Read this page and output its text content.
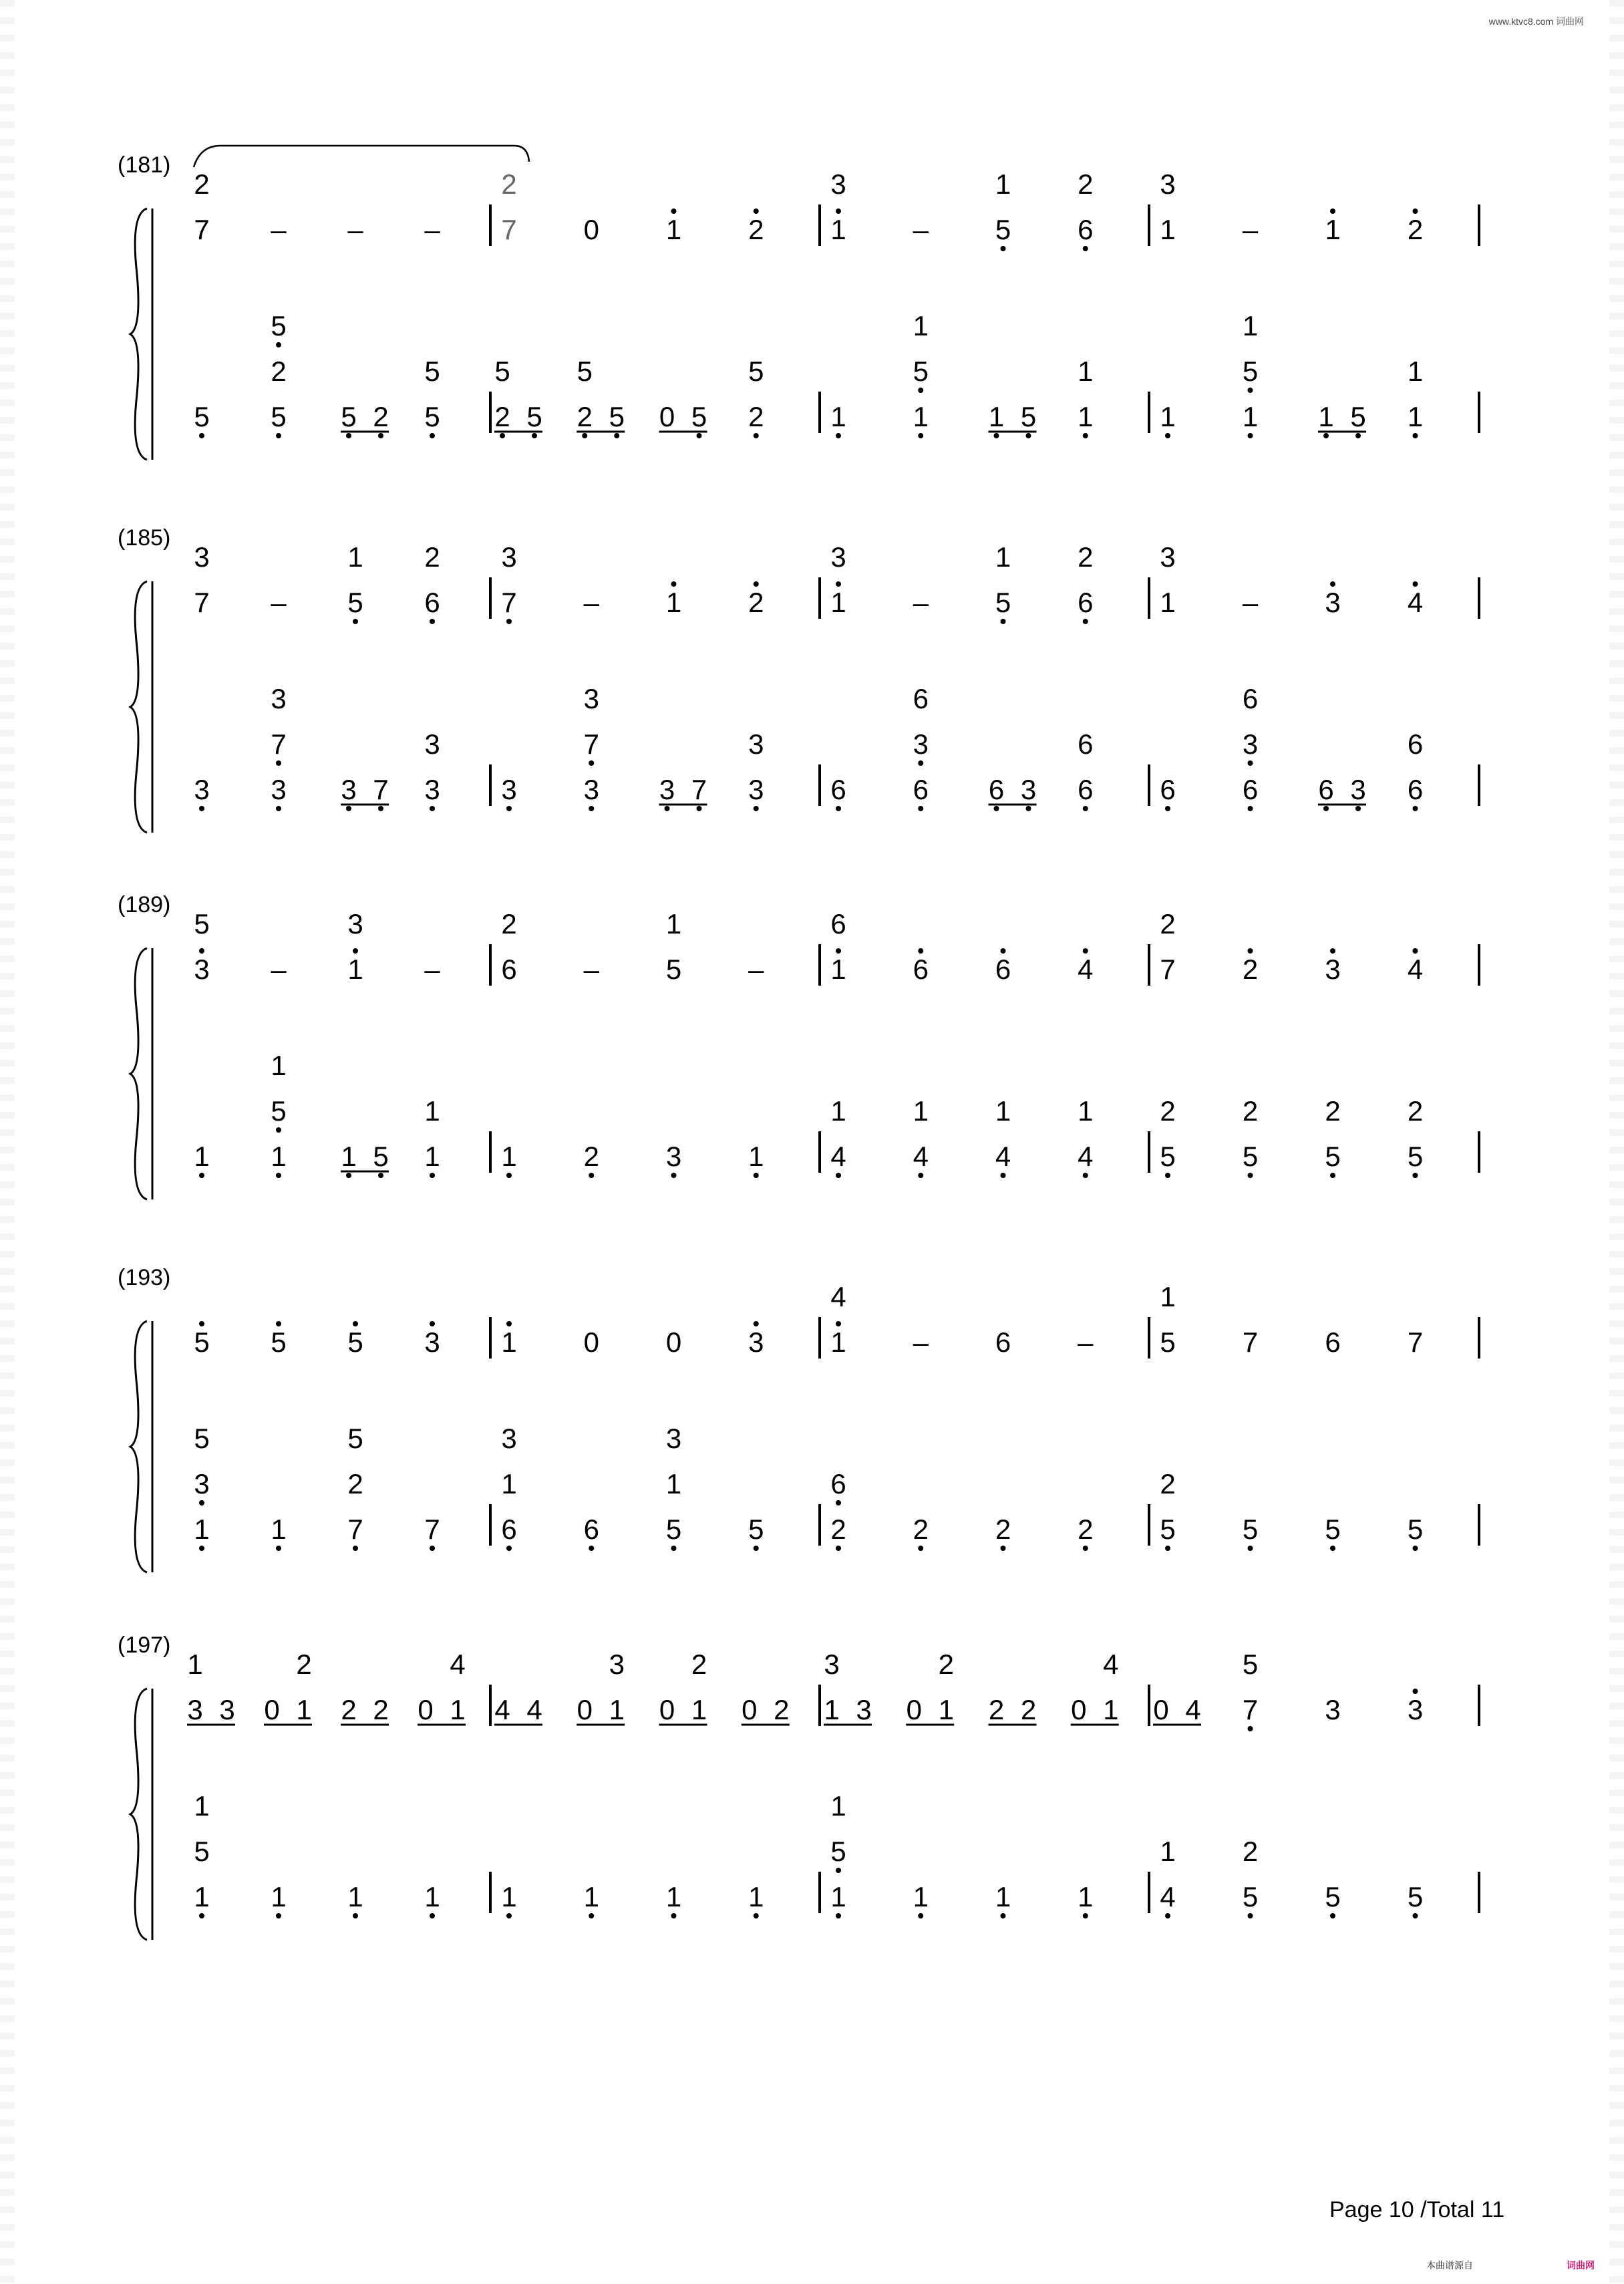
www.ktvc8.com 词曲网
(181)
7
2
– – –
5 5
2
5
5 2 5
5
7
2
0 1 2
2
5
5 2
5
5 0 5 2
5
1
3
– 5
1
6
2
1 1
5
1
1 5 1
1
1
3
– 1 2
1 1
5
1
1 5 1
1
(185)
7
3
– 5
1
6
2
3 3
7
3
3 7 3
3
7
3
– 1 2
3 3
7
3
3 7 3
3
1
3
– 5
1
6
2
6 6
3
6
6 3 6
6
1
3
– 3 4
6 6
3
6
6 3 6
6
(189)
3
5
– 1
3
–
1 1
5
1
1 5 1
1
6
2
– 5
1
–
1 2 3 1
1
6
6 6 4
4
1
4
1
4
1
4
1
7
2
2 3 4
5
2
5
2
5
2
5
2
(193)
5 5 5 3
1
3
5
1 7
2
5
7
1 0 0 3
6
1
3
6 5
1
3
5
1
4
– 6 –
2
6
2 2 2
5
1
7 6 7
5
2
5 5 5
(197)
3
1
3 0 1
2
2 2 0 1
4
1
5
1
1 1 1
4 4 0 1
3
0 1
2
0 2
1 1 1 1
1
3
3 0 1
2
2 2 0 1
4
1
5
1
1 1 1
0 4 7
5
3 3
4
1
5
2
5 5
Page 10 /Total 11
本曲谱源自	词曲网
